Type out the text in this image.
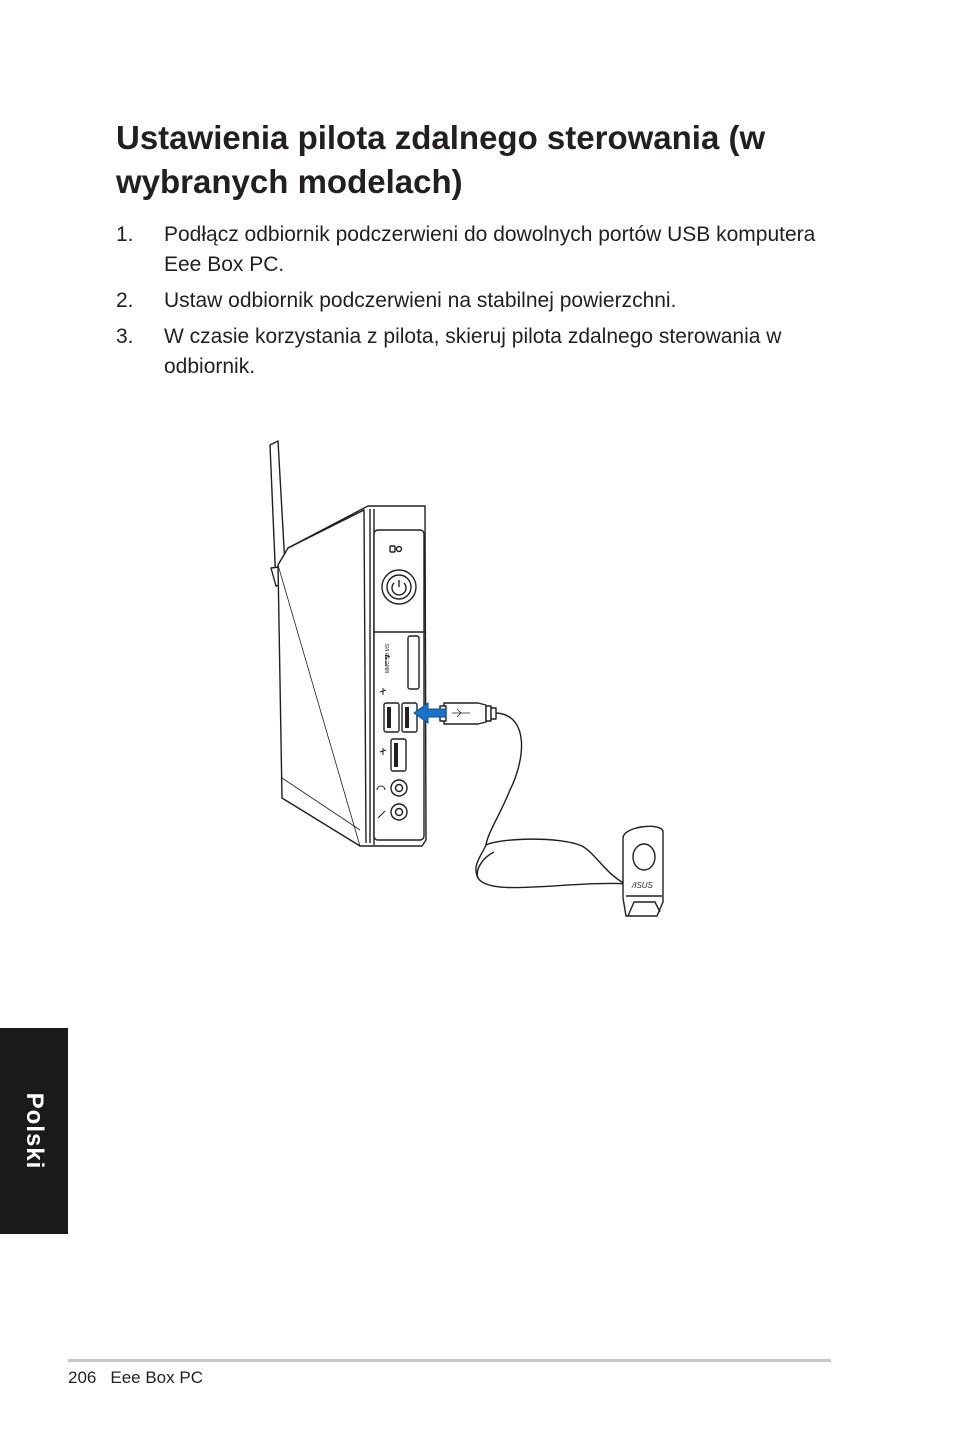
Ustawienia pilota zdalnego sterowania (w wybranych modelach)
1. Podłącz odbiornik podczerwieni do dowolnych portów USB komputera Eee Box PC.
2. Ustaw odbiornik podczerwieni na stabilnej powierzchni.
3. W czasie korzystania z pilota, skieruj pilota zdalnego sterowania w odbiornik.
MMC SD MS
/ISUS
Polski
206 Eee Box PC
